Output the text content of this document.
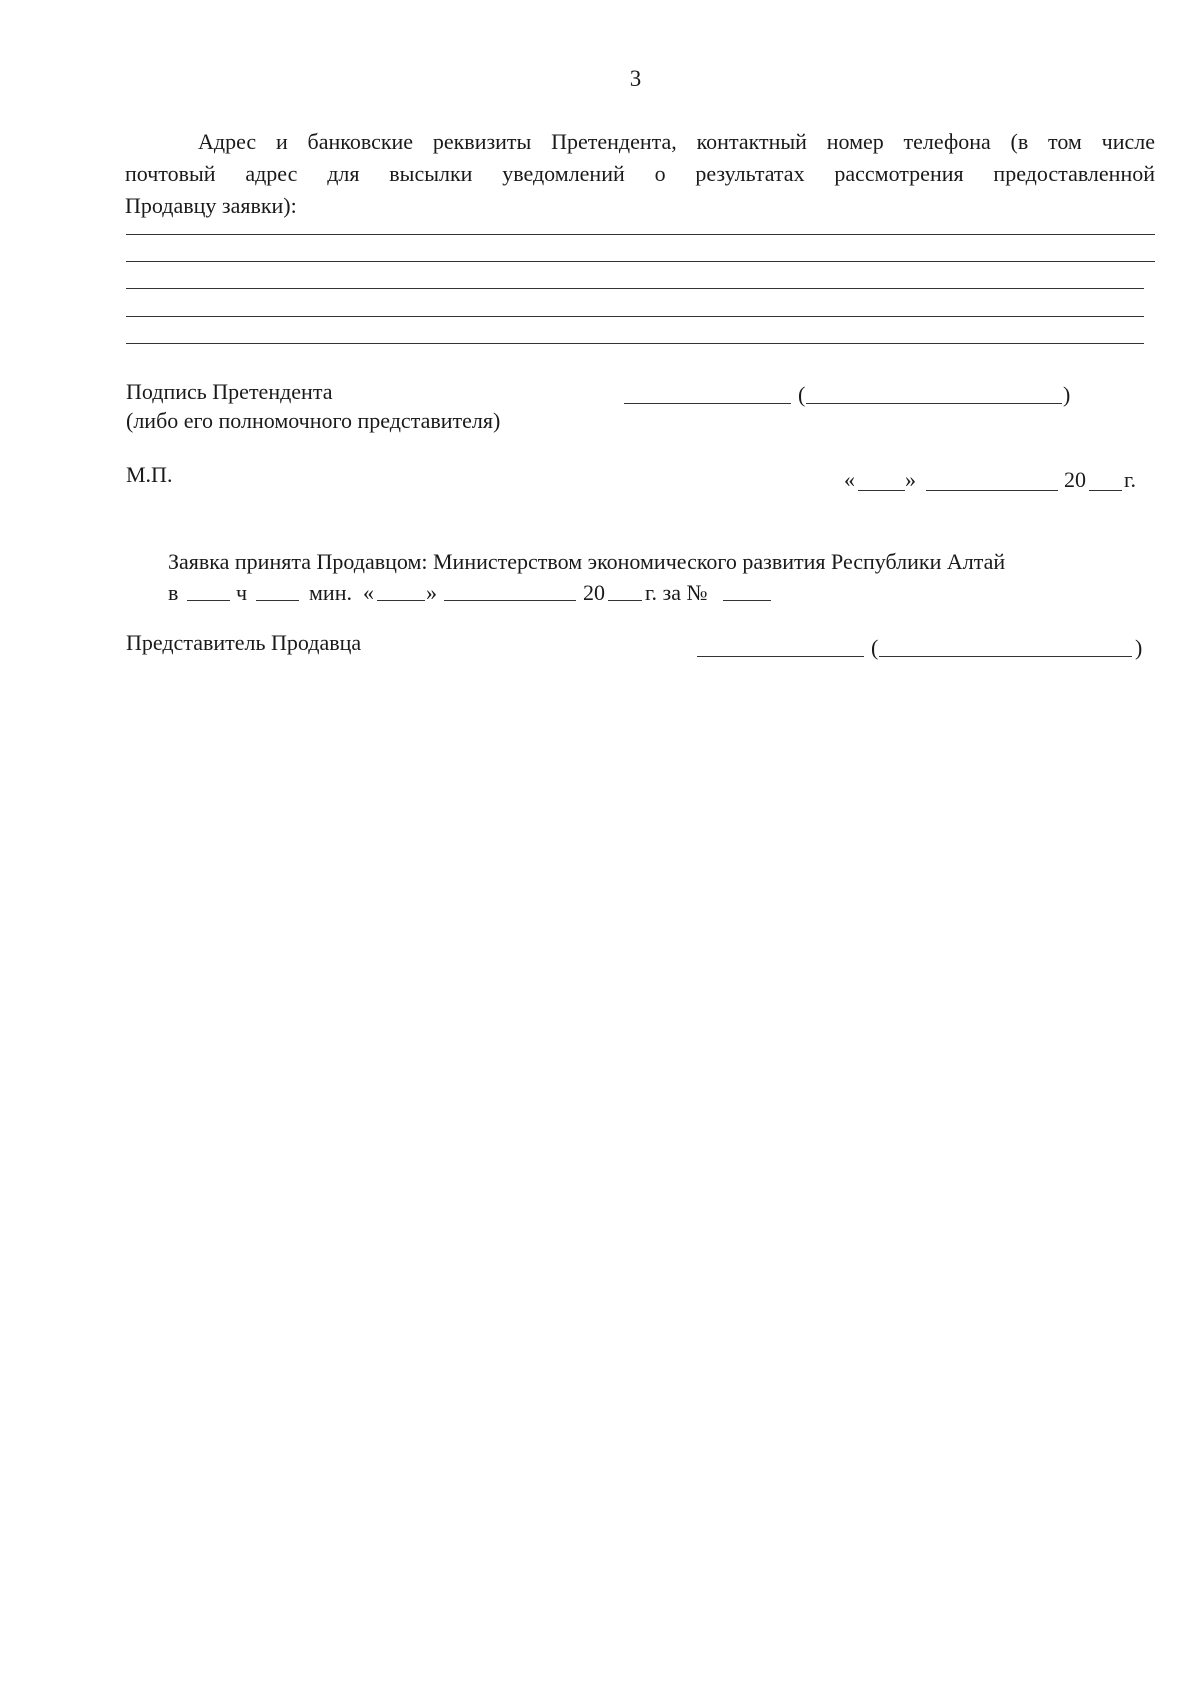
3
Адрес и банковские реквизиты Претендента, контактный номер телефона (в том числе
почтовый адрес для высылки уведомлений о результатах рассмотрения предоставленной
Продавцу заявки):
Подпись Претендента
(либо его полномочного представителя)
(	)
М.П.	« »	20 г.
Заявка принята Продавцом: Министерством экономического развития Республики Алтай
в	ч	мин. « »	20 г. за №
Представитель Продавца	(	)
